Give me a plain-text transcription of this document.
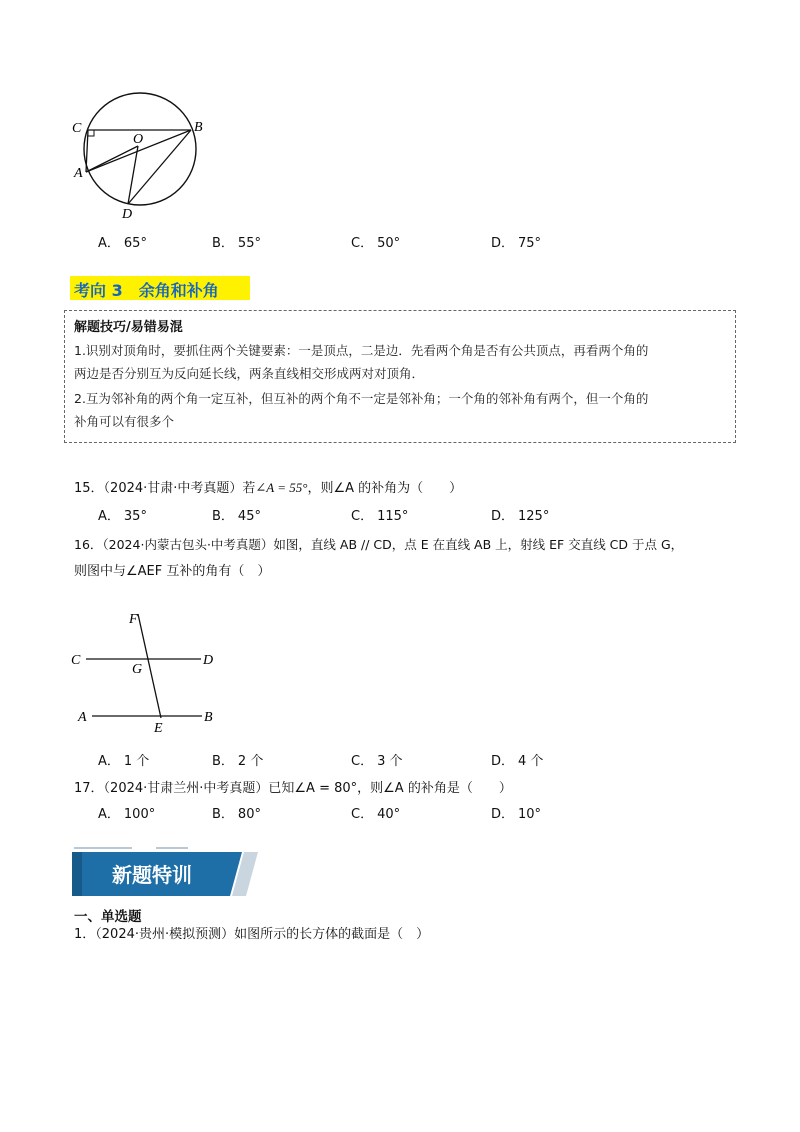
C	B
O
A
D
A． 65°	B． 55°	C． 50°	D． 75°
考向 3　余角和补角
解题技巧/易错易混
1.识别对顶角时，要抓住两个关键要素：一是顶点，二是边．先看两个角是否有公共顶点，再看两个角的
两边是否分别互为反向延长线，两条直线相交形成两对对顶角．
2.互为邻补角的两个角一定互补，但互补的两个角不一定是邻补角；一个角的邻补角有两个，但一个角的
补角可以有很多个
15．（2024·甘肃·中考真题）若∠A = 55°，则∠A 的补角为（　　）
A． 35°	B． 45°	C． 115°	D． 125°
16．（2024·内蒙古包头·中考真题）如图，直线 AB // CD，点 E 在直线 AB 上，射线 EF 交直线 CD 于点 G，
则图中与∠AEF 互补的角有（　）
F
C
G
D
A
E
B
A． 1 个	B． 2 个	C． 3 个	D． 4 个
17．（2024·甘肃兰州·中考真题）已知∠A = 80°，则∠A 的补角是（　　）
A． 100°	B． 80°	C． 40°	D． 10°
新题特训
一、单选题
1．（2024·贵州·模拟预测）如图所示的长方体的截面是（　）
